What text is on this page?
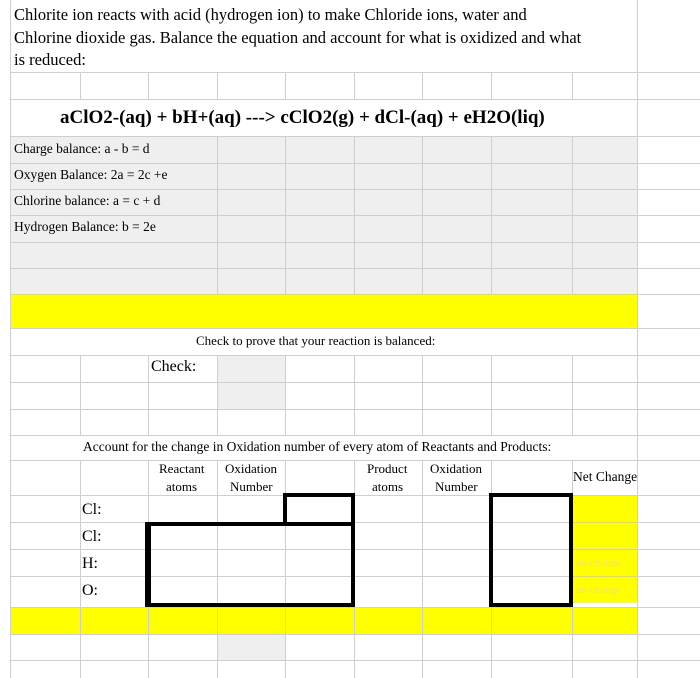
Chlorite ion reacts with acid (hydrogen ion) to make Chloride ions, water and
Chlorine dioxide gas. Balance the equation and account for what is oxidized and what
is reduced:
aClO2-(aq) + bH+(aq) ---> cClO2(g) + dCl-(aq) + eH2O(liq)
Charge balance: a - b = d
Oxygen Balance: 2a = 2c +e
Chlorine balance: a = c + d
Hydrogen Balance: b = 2e
Check to prove that your reaction is balanced:
Check:
Account for the change in Oxidation number of every atom of Reactants and Products:
Reactant
atoms
Oxidation
Number
Product
atoms
Oxidation
Number
Net Change
Cl:
Cl:
H:
O:
no change
no change
